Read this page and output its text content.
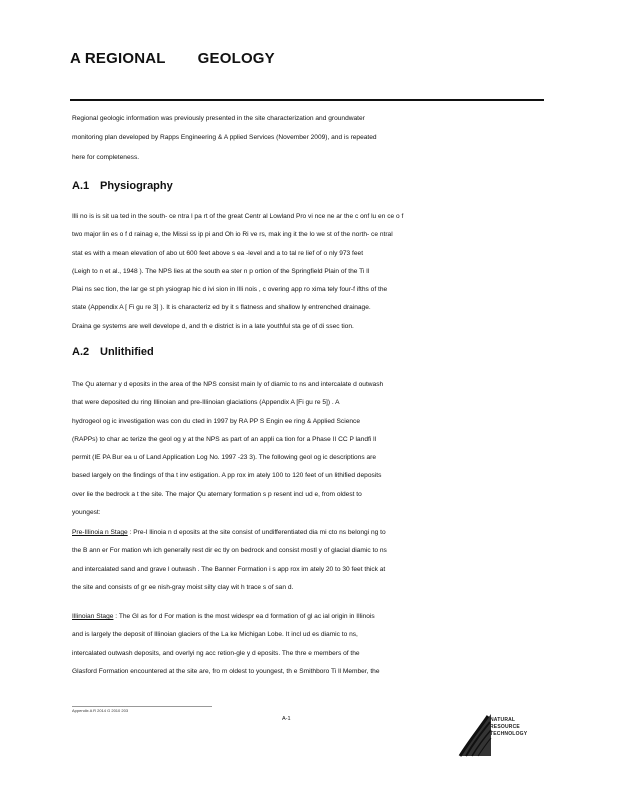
A REGIONAL GEOLOGY
Regional geologic information was previously presented in the site characterization and groundwater
monitoring plan developed by Rapps Engineering & A pplied Services (November 2009), and is repeated
here for completeness.
A.1 Physiography
Illi no is is sit ua ted in the south- ce ntra l pa rt of the great Centr al Lowland Pro vi nce ne ar the c onf lu en ce o f
two major lin es o f d rainag e, the Missi ss ip pi and Oh io Ri ve rs, mak ing it the lo we st of the north- ce ntral
stat es with a mean elevation of abo ut 600 feet above s ea -level and a to tal re lief of o nly 973 feet
(Leigh to n et al., 1948 ). The NPS lies at the south ea ster n p ortion of the Springfield Plain of the Ti ll
Plai ns sec tion, the lar ge st ph ysiograp hic d ivi sion in Illi nois , c overing app ro xima tely four-f ifths of the
state (Appendix A [ Fi gu re 3] ). It is characteriz ed by it s flatness and shallow ly entrenched drainage.
Draina ge systems are well develope d, and th e district is in a late youthful sta ge of di ssec tion.
A.2 Unlithified
The Qu aternar y d eposits in the area of the NPS consist main ly of diamic to ns and intercalate d outwash
that were deposited du ring Illinoian and pre-Illinoian glaciations (Appendix A [Fi gu re 5]) . A
hydrogeol og ic investigation was con du cted in 1997 by RA PP S Engin ee ring & Applied Science
(RAPPs) to char ac terize the geol og y at the NPS as part of an appli ca tion for a Phase II CC P landfi ll
permit (IE PA Bur ea u of Land Application Log No. 1997 -23 3). The following geol og ic descriptions are
based largely on the findings of tha t inv estigation. A pp rox im ately 100 to 120 feet of un lithified deposits
over lie the bedrock a t the site. The major Qu aternary formation s p resent incl ud e, from oldest to
youngest:
Pre-Illinoia n Stage : Pre-I llinoia n d eposits at the site consist of undifferentiated dia mi cto ns belongi ng to
the B ann er For mation wh ich generally rest dir ec tly on bedrock and consist mostl y of glacial diamic to ns
and intercalated sand and grave l outwash . The Banner Formation i s app rox im ately 20 to 30 feet thick at
the site and consists of gr ee nish-gray moist silty clay wit h trace s of san d.
Illinoian Stage : The Gl as for d For mation is the most widespr ea d formation of gl ac ial origin in Illinois
and is largely the deposit of Illinoian glaciers of the La ke Michigan Lobe. It incl ud es diamic to ns,
intercalated outwash deposits, and overlyi ng acc retion-gle y d eposits. The thre e members of the
Glasford Formation encountered at the site are, fro m oldest to youngest, th e Smithboro Ti ll Member, the
Appendix A R 2014 G 2010 203
A-1	NATURAL
RESOURCE
TECHNOLOGY
